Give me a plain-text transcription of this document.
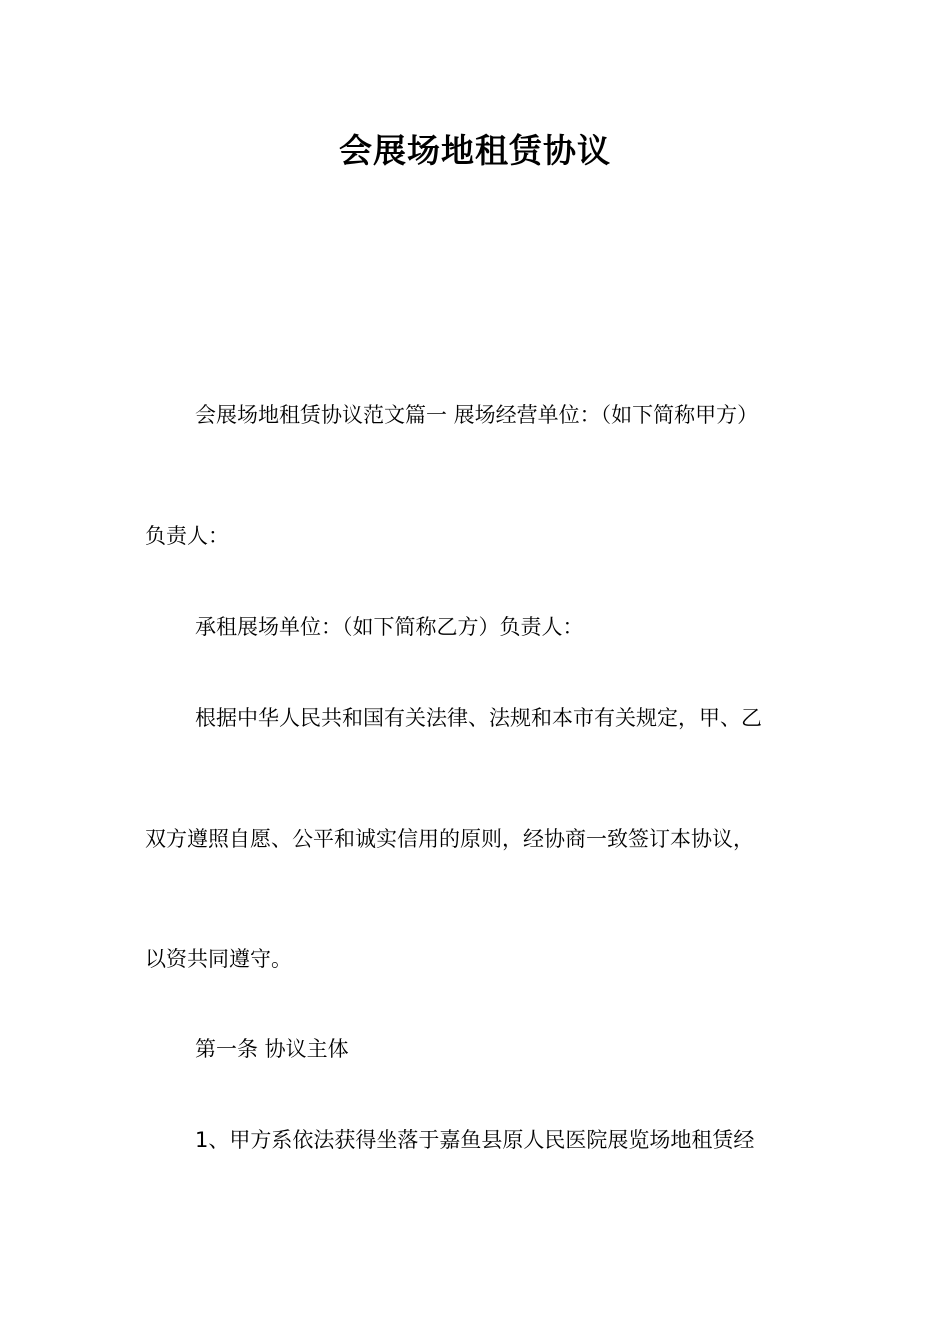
会展场地租赁协议
会展场地租赁协议范文篇一 展场经营单位：（如下简称甲方）
负责人：
承租展场单位：（如下简称乙方）负责人：
根据中华人民共和国有关法律、法规和本市有关规定，甲、乙
双方遵照自愿、公平和诚实信用的原则，经协商一致签订本协议，
以资共同遵守。
第一条 协议主体
1、甲方系依法获得坐落于嘉鱼县原人民医院展览场地租赁经
